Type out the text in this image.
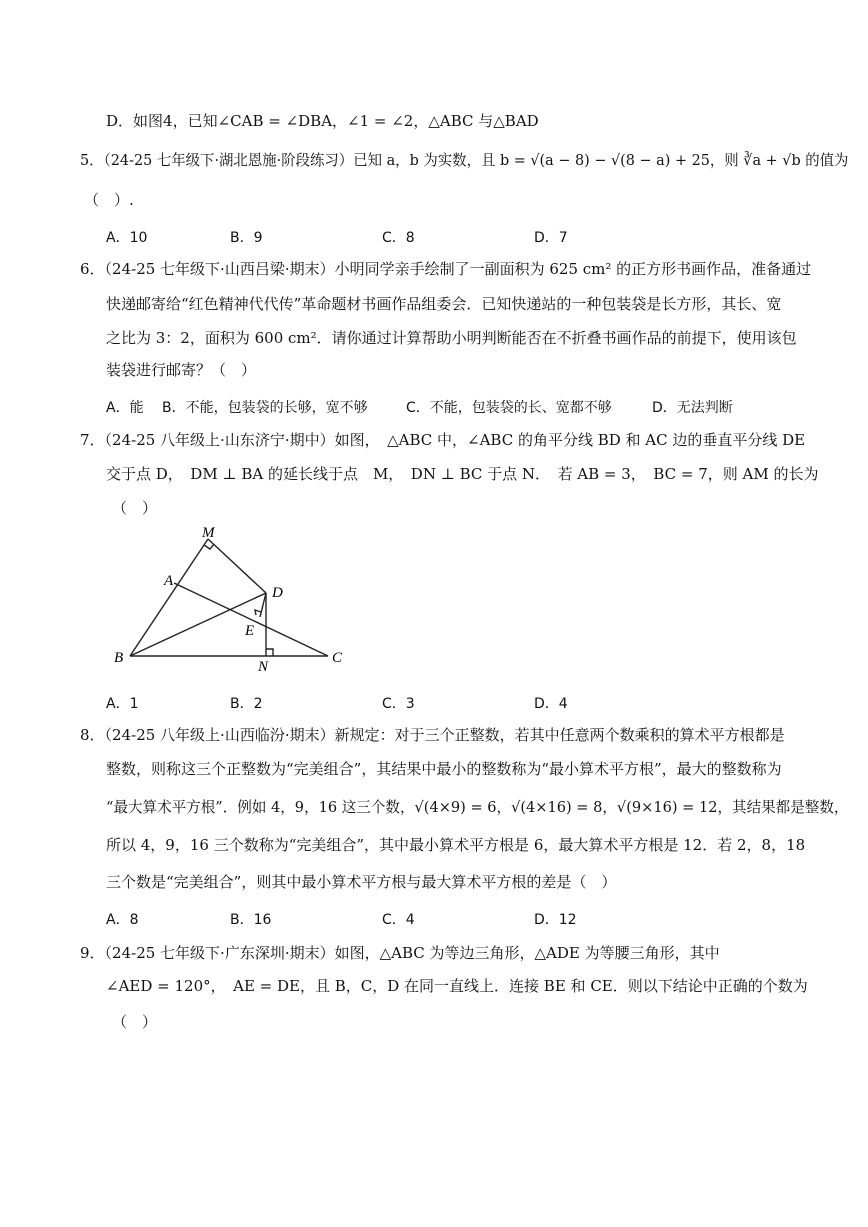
D．如图4，已知∠CAB = ∠DBA，∠1 = ∠2，△ABC 与△BAD
5．（24-25 七年级下·湖北恩施·阶段练习）已知 a，b 为实数，且 b = √(a − 8) − √(8 − a) + 25，则 ∛a + √b 的值为
（　）.
A．10	B．9	C．8	D．7
6．（24-25 七年级下·山西吕梁·期末）小明同学亲手绘制了一副面积为 625 cm² 的正方形书画作品，准备通过
快递邮寄给“红色精神代代传”革命题材书画作品组委会．已知快递站的一种包装袋是长方形，其长、宽
之比为 3：2，面积为 600 cm²．请你通过计算帮助小明判断能否在不折叠书画作品的前提下，使用该包
装袋进行邮寄？（　）
A．能 B．不能，包装袋的长够，宽不够	C．不能，包装袋的长、宽都不够	D．无法判断
7．（24-25 八年级上·山东济宁·期中）如图，　△ABC 中，∠ABC 的角平分线 BD 和 AC 边的垂直平分线 DE
交于点 D，　DM ⊥ BA 的延长线于点　M，　DN ⊥ BC 于点 N．　若 AB = 3，　BC = 7，则 AM 的长为
（　）
M
A
D
E
B
N
C
A．1	B．2	C．3	D．4
8．（24-25 八年级上·山西临汾·期末）新规定：对于三个正整数，若其中任意两个数乘积的算术平方根都是
整数，则称这三个正整数为“完美组合”，其结果中最小的整数称为“最小算术平方根”，最大的整数称为
“最大算术平方根”．例如 4，9，16 这三个数，√(4×9) = 6，√(4×16) = 8，√(9×16) = 12，其结果都是整数，
所以 4，9，16 三个数称为“完美组合”，其中最小算术平方根是 6，最大算术平方根是 12．若 2，8，18
三个数是“完美组合”，则其中最小算术平方根与最大算术平方根的差是（　）
A．8	B．16	C．4	D．12
9．（24-25 七年级下·广东深圳·期末）如图，△ABC 为等边三角形，△ADE 为等腰三角形，其中
∠AED = 120°，　AE = DE，且 B，C，D 在同一直线上．连接 BE 和 CE．则以下结论中正确的个数为
（　）
